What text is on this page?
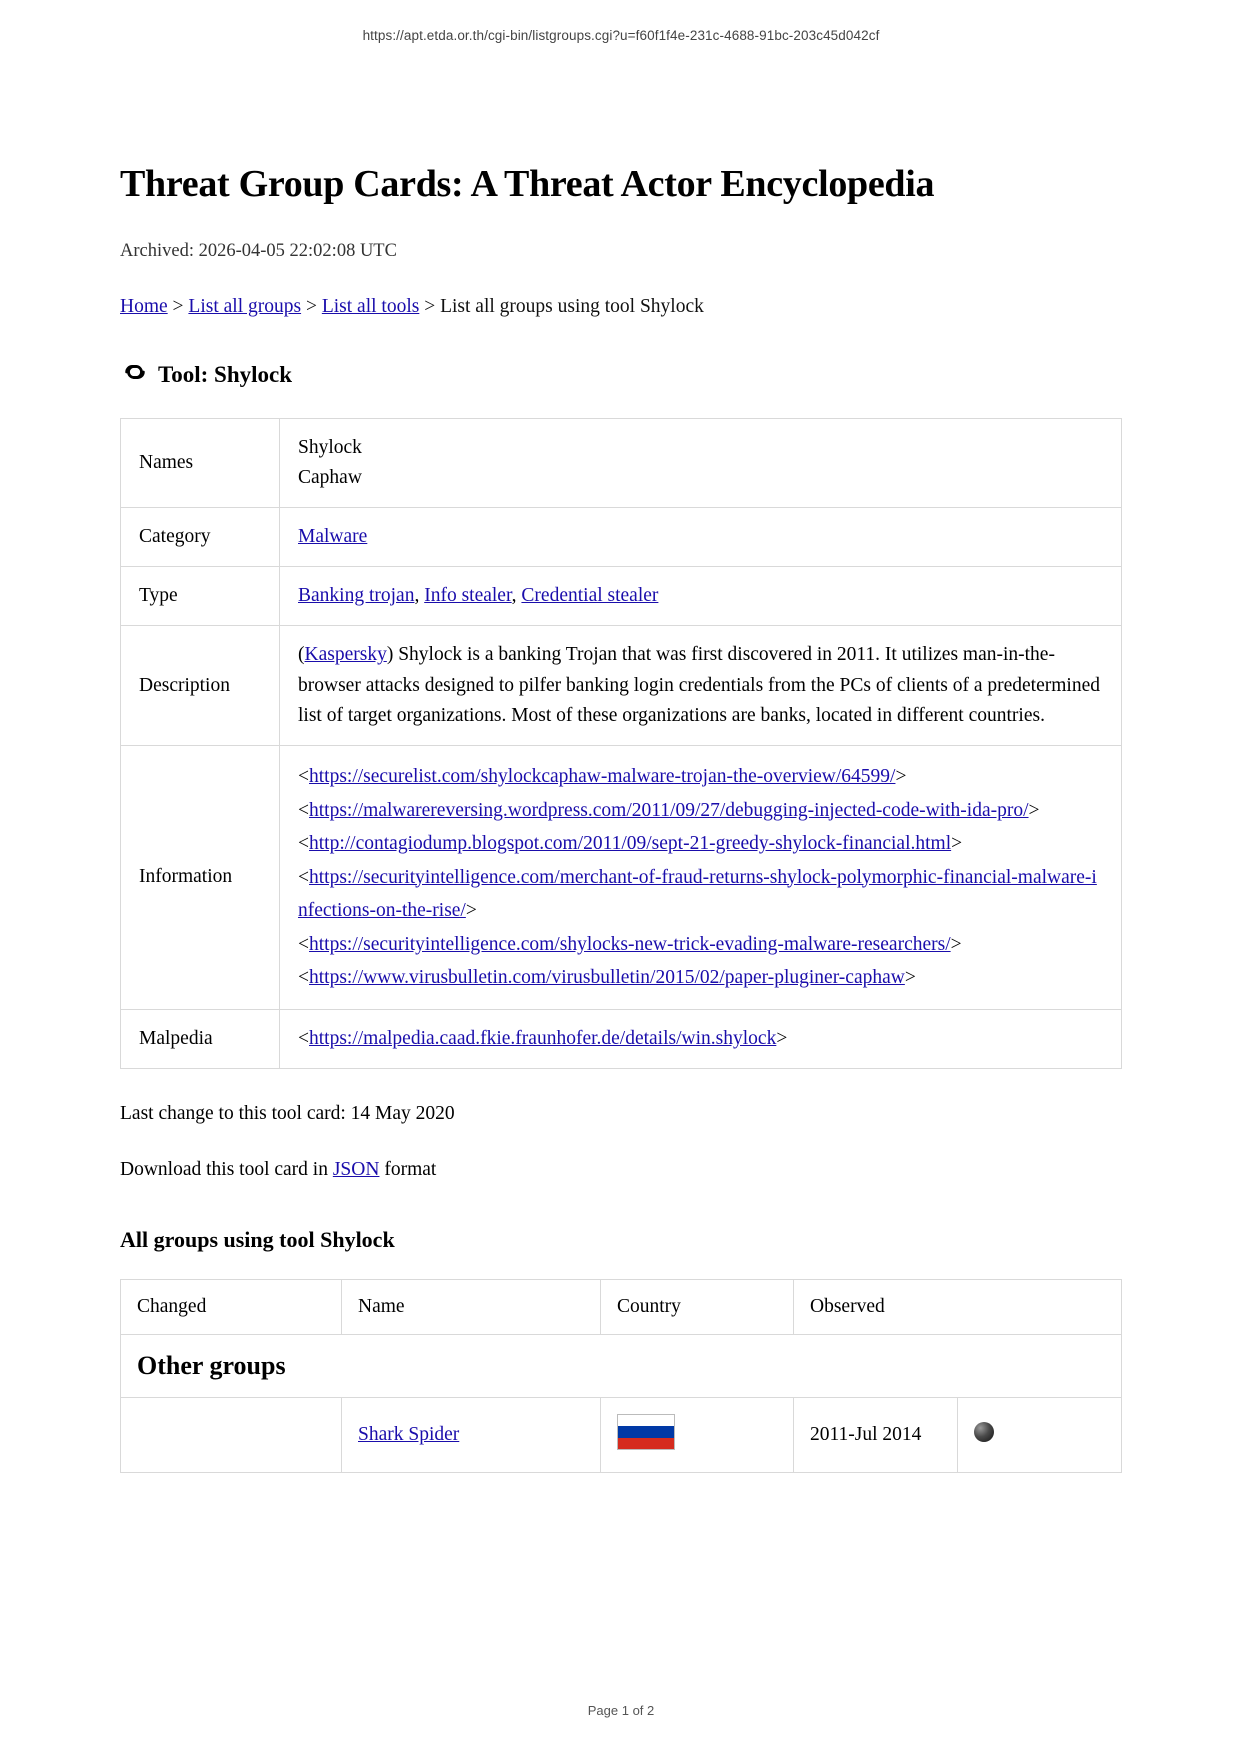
https://apt.etda.or.th/cgi-bin/listgroups.cgi?u=f60f1f4e-231c-4688-91bc-203c45d042cf
Threat Group Cards: A Threat Actor Encyclopedia
Archived: 2026-04-05 22:02:08 UTC
Home > List all groups > List all tools > List all groups using tool Shylock
Tool: Shylock
Names	Shylock
Caphaw

Category	Malware
Type	Banking trojan, Info stealer, Credential stealer
Description	(Kaspersky) Shylock is a banking Trojan that was first discovered in 2011. It utilizes man-in-the-browser attacks designed to pilfer banking login credentials from the PCs of clients of a predetermined list of target organizations. Most of these organizations are banks, located in different countries.
Information	
<https://securelist.com/shylockcaphaw-malware-trojan-the-overview/64599/>
<https://malwarereversing.wordpress.com/2011/09/27/debugging-injected-code-with-ida-pro/>
<http://contagiodump.blogspot.com/2011/09/sept-21-greedy-shylock-financial.html>
<https://securityintelligence.com/merchant-of-fraud-returns-shylock-polymorphic-financial-malware-infections-on-the-rise/>
<https://securityintelligence.com/shylocks-new-trick-evading-malware-researchers/>
<https://www.virusbulletin.com/virusbulletin/2015/02/paper-pluginer-caphaw>

Malpedia	<https://malpedia.caad.fkie.fraunhofer.de/details/win.shylock>
Last change to this tool card: 14 May 2020
Download this tool card in JSON format
All groups using tool Shylock
Changed	Name	Country	Observed	
Other groups				
	Shark Spider		2011-Jul 2014	
Page 1 of 2
